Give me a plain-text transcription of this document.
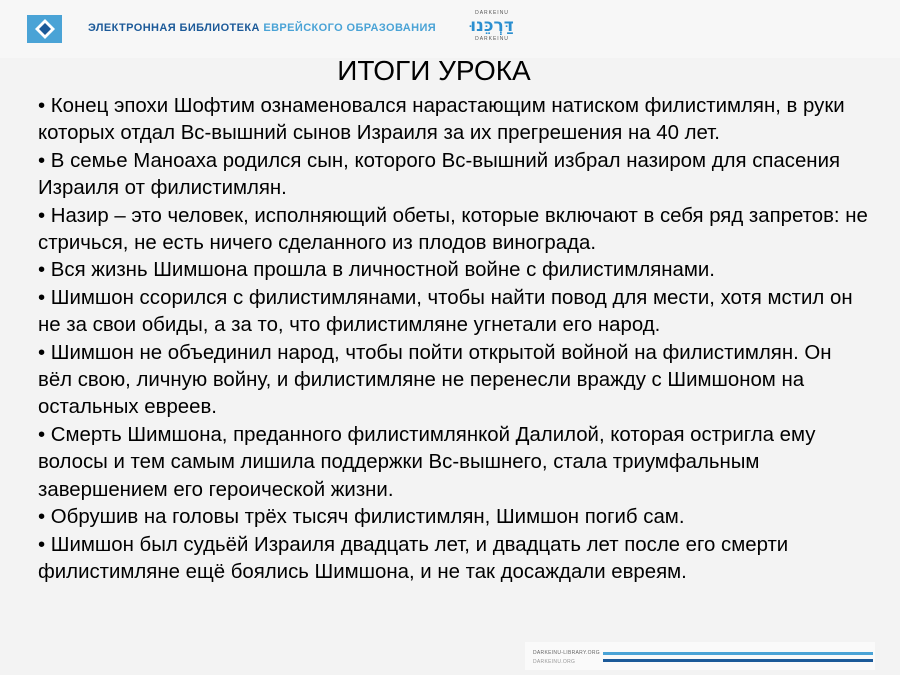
ЭЛЕКТРОННАЯ БИБЛИОТЕКА ЕВРЕЙСКОГО ОБРАЗОВАНИЯ
DARKEINU
דַּרְכֵּנוּ
DARKEINU
ИТОГИ УРОКА

• Конец эпохи Шофтим ознаменовался нарастающим натиском филистимлян, в руки которых отдал Вс-вышний сынов Израиля за их прегрешения на 40 лет.

• В семье Маноаха родился сын, которого Вс-вышний избрал назиром для спасения Израиля от филистимлян.

• Назир – это человек, исполняющий обеты, которые включают в себя ряд запретов: не стричься, не есть ничего сделанного из плодов винограда.

• Вся жизнь Шимшона прошла в личностной войне с филистимлянами.

• Шимшон ссорился с филистимлянами, чтобы найти повод для мести, хотя мстил он не за свои обиды, а за то, что филистимляне угнетали его народ.

• Шимшон не объединил народ, чтобы пойти открытой войной на филистимлян. Он вёл свою, личную войну, и филистимляне не перенесли вражду с Шимшоном на остальных евреев.

• Смерть Шимшона, преданного филистимлянкой Далилой, которая остригла ему волосы и тем самым лишила поддержки Вс-вышнего, стала триумфальным завершением его героической жизни.

• Обрушив на головы трёх тысяч филистимлян, Шимшон погиб сам.

• Шимшон был судьёй Израиля двадцать лет, и двадцать лет после его смерти филистимляне ещё боялись Шимшона, и не так досаждали евреям.

DARKEINU-LIBRARY.ORG
DARKEINU.ORG
